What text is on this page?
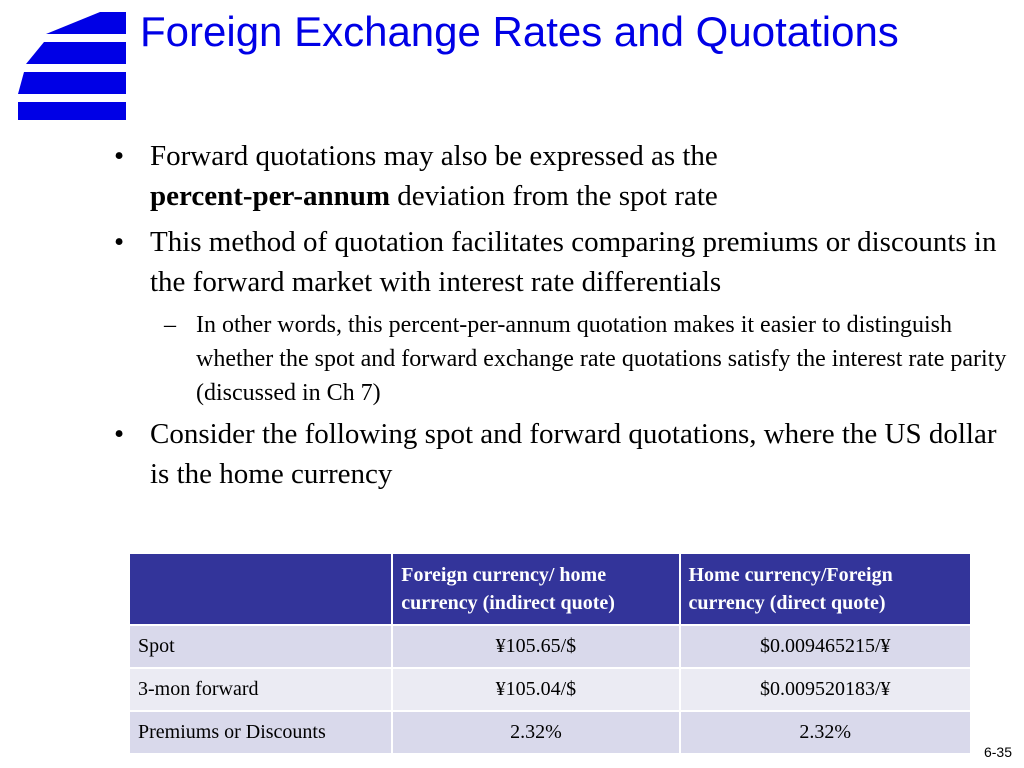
Foreign Exchange Rates and Quotations
• Forward quotations may also be expressed as the
percent-per-annum deviation from the spot rate
• This method of quotation facilitates comparing premiums or discounts in the forward market with interest rate differentials
– In other words, this percent-per-annum quotation makes it easier to distinguish whether the spot and forward exchange rate quotations satisfy the interest rate parity (discussed in Ch 7)
• Consider the following spot and forward quotations, where the US dollar is the home currency
	Foreign currency/ home currency (indirect quote)	Home currency/Foreign currency (direct quote)
Spot	¥105.65/$	$0.009465215/¥
3-mon forward	¥105.04/$	$0.009520183/¥
Premiums or Discounts	2.32%	2.32%
6-35
